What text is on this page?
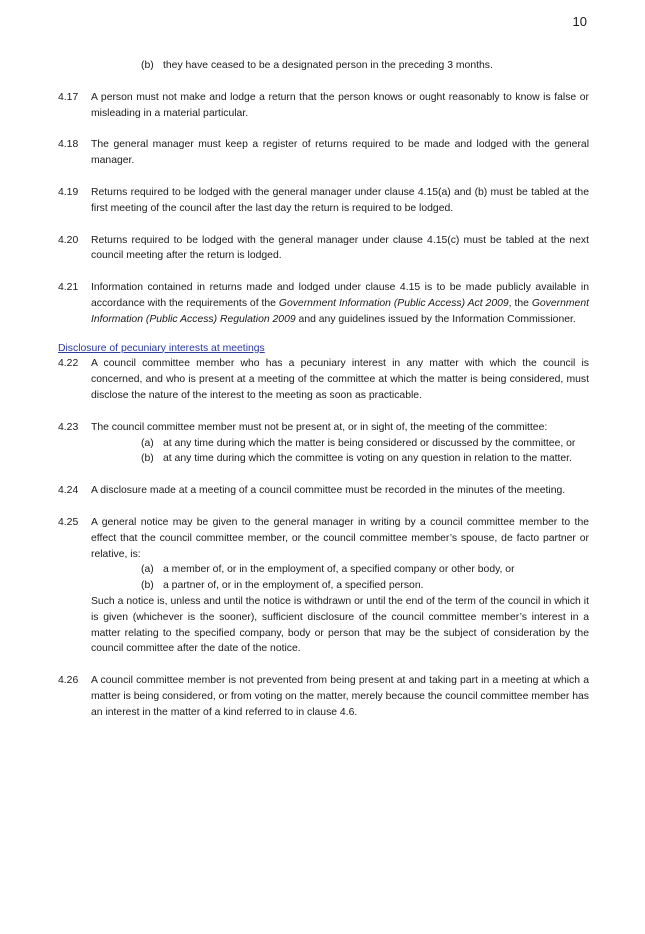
10
(b) they have ceased to be a designated person in the preceding 3 months.
4.17	A person must not make and lodge a return that the person knows or ought reasonably to know is false or misleading in a material particular.
4.18	The general manager must keep a register of returns required to be made and lodged with the general manager.
4.19	Returns required to be lodged with the general manager under clause 4.15(a) and (b) must be tabled at the first meeting of the council after the last day the return is required to be lodged.
4.20	Returns required to be lodged with the general manager under clause 4.15(c) must be tabled at the next council meeting after the return is lodged.
4.21	Information contained in returns made and lodged under clause 4.15 is to be made publicly available in accordance with the requirements of the Government Information (Public Access) Act 2009, the Government Information (Public Access) Regulation 2009 and any guidelines issued by the Information Commissioner.
Disclosure of pecuniary interests at meetings
4.22	A council committee member who has a pecuniary interest in any matter with which the council is concerned, and who is present at a meeting of the committee at which the matter is being considered, must disclose the nature of the interest to the meeting as soon as practicable.
4.23	The council committee member must not be present at, or in sight of, the meeting of the committee:
(a) at any time during which the matter is being considered or discussed by the committee, or
(b) at any time during which the committee is voting on any question in relation to the matter.
4.24	A disclosure made at a meeting of a council committee must be recorded in the minutes of the meeting.
4.25	A general notice may be given to the general manager in writing by a council committee member to the effect that the council committee member, or the council committee member’s spouse, de facto partner or relative, is:
(a) a member of, or in the employment of, a specified company or other body, or
(b) a partner of, or in the employment of, a specified person.
Such a notice is, unless and until the notice is withdrawn or until the end of the term of the council in which it is given (whichever is the sooner), sufficient disclosure of the council committee member’s interest in a matter relating to the specified company, body or person that may be the subject of consideration by the council committee after the date of the notice.
4.26	A council committee member is not prevented from being present at and taking part in a meeting at which a matter is being considered, or from voting on the matter, merely because the council committee member has an interest in the matter of a kind referred to in clause 4.6.
